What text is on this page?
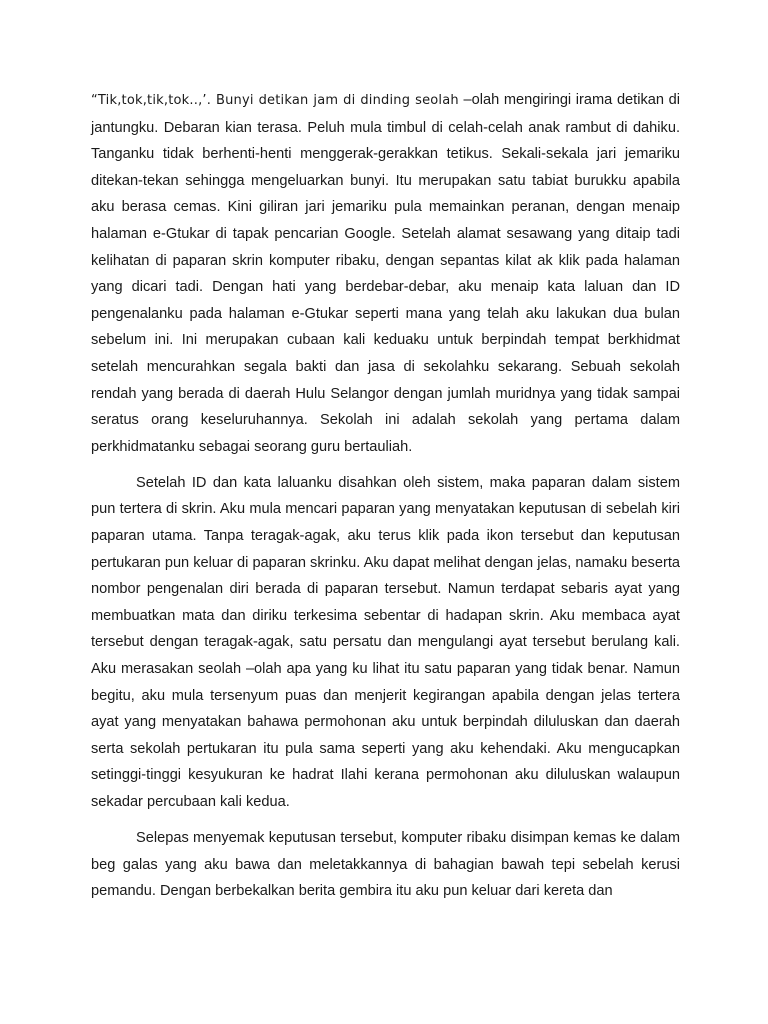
“Tik,tok,tik,tok..,’. Bunyi detikan jam di dinding seolah –olah mengiringi irama detikan di jantungku. Debaran kian terasa. Peluh mula timbul di celah-celah anak rambut di dahiku. Tanganku tidak berhenti-henti menggerak-gerakkan tetikus. Sekali-sekala jari jemariku ditekan-tekan sehingga mengeluarkan bunyi. Itu merupakan satu tabiat burukku apabila aku berasa cemas. Kini giliran jari jemariku pula memainkan peranan, dengan menaip halaman e-Gtukar di tapak pencarian Google. Setelah alamat sesawang yang ditaip tadi kelihatan di paparan skrin komputer ribaku, dengan sepantas kilat ak klik pada halaman yang dicari tadi. Dengan hati yang berdebar-debar, aku menaip kata laluan dan ID pengenalanku pada halaman e-Gtukar seperti mana yang telah aku lakukan dua bulan sebelum ini. Ini merupakan cubaan kali keduaku untuk berpindah tempat berkhidmat setelah mencurahkan segala bakti dan jasa di sekolahku sekarang. Sebuah sekolah rendah yang berada di daerah Hulu Selangor dengan jumlah muridnya yang tidak sampai seratus orang keseluruhannya. Sekolah ini adalah sekolah yang pertama dalam perkhidmatanku sebagai seorang guru bertauliah.

Setelah ID dan kata laluanku disahkan oleh sistem, maka paparan dalam sistem pun tertera di skrin. Aku mula mencari paparan yang menyatakan keputusan di sebelah kiri paparan utama. Tanpa teragak-agak, aku terus klik pada ikon tersebut dan keputusan pertukaran pun keluar di paparan skrinku. Aku dapat melihat dengan jelas, namaku beserta nombor pengenalan diri berada di paparan tersebut. Namun terdapat sebaris ayat yang membuatkan mata dan diriku terkesima sebentar di hadapan skrin. Aku membaca ayat tersebut dengan teragak-agak, satu persatu dan mengulangi ayat tersebut berulang kali. Aku merasakan seolah –olah apa yang ku lihat itu satu paparan yang tidak benar. Namun begitu, aku mula tersenyum puas dan menjerit kegirangan apabila dengan jelas tertera ayat yang menyatakan bahawa permohonan aku untuk berpindah diluluskan dan daerah serta sekolah pertukaran itu pula sama seperti yang aku kehendaki. Aku mengucapkan setinggi-tinggi kesyukuran ke hadrat Ilahi kerana permohonan aku diluluskan walaupun sekadar percubaan kali kedua.

Selepas menyemak keputusan tersebut, komputer ribaku disimpan kemas ke dalam beg galas yang aku bawa dan meletakkannya di bahagian bawah tepi sebelah kerusi pemandu. Dengan berbekalkan berita gembira itu aku pun keluar dari kereta dan
